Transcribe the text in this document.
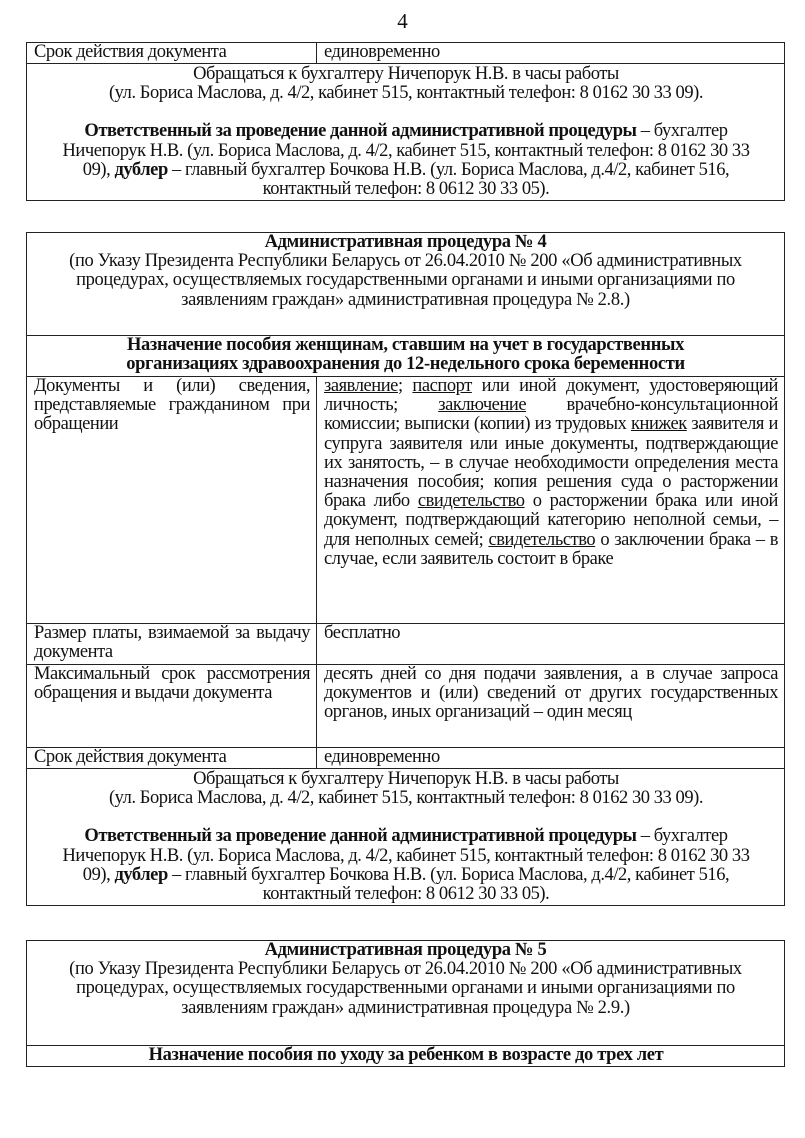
4
Срок действия документа	единовременно

Обращаться к бухгалтеру Ничепорук Н.В. в часы работы
(ул. Бориса Маслова, д. 4/2, кабинет 515, контактный телефон: 8 0162 30 33 09).
Ответственный за проведение данной административной процедуры – бухгалтер Ничепорук Н.В. (ул. Бориса Маслова, д. 4/2, кабинет 515, контактный телефон: 8 0162 30 33 09), дублер – главный бухгалтер Бочкова Н.В. (ул. Бориса Маслова, д.4/2, кабинет 516, контактный телефон: 8 0612 30 33 05).
Административная процедура № 4
(по Указу Президента Республики Беларусь от 26.04.2010 № 200 «Об административных процедурах, осуществляемых государственными органами и иными организациями по заявлениям граждан» административная процедура № 2.8.)	

Назначение пособия женщинам, ставшим на учет в государственных организациях здравоохранения до 12-недельного срока беременности	
Документы и (или) сведения, представляемые гражданином при обращении	заявление; паспорт или иной документ, удостоверяющий личность; заключение врачебно-консультационной комиссии; выписки (копии) из трудовых книжек заявителя и супруга заявителя или иные документы, подтверждающие их занятость, – в случае необходимости определения места назначения пособия; копия решения суда о расторжении брака либо свидетельство о расторжении брака или иной документ, подтверждающий категорию неполной семьи, – для неполных семей; свидетельство о заключении брака – в случае, если заявитель состоит в браке
Размер платы, взимаемой за выдачу документа	бесплатно
Максимальный срок рассмотрения обращения и выдачи документа	десять дней со дня подачи заявления, а в случае запроса документов и (или) сведений от других государственных органов, иных организаций – один месяц
Срок действия документа	единовременно

Обращаться к бухгалтеру Ничепорук Н.В. в часы работы
(ул. Бориса Маслова, д. 4/2, кабинет 515, контактный телефон: 8 0162 30 33 09).
Ответственный за проведение данной административной процедуры – бухгалтер Ничепорук Н.В. (ул. Бориса Маслова, д. 4/2, кабинет 515, контактный телефон: 8 0162 30 33 09), дублер – главный бухгалтер Бочкова Н.В. (ул. Бориса Маслова, д.4/2, кабинет 516, контактный телефон: 8 0612 30 33 05).	
Административная процедура № 5
(по Указу Президента Республики Беларусь от 26.04.2010 № 200 «Об административных процедурах, осуществляемых государственными органами и иными организациями по заявлениям граждан» административная процедура № 2.9.)

Назначение пособия по уходу за ребенком в возрасте до трех лет
